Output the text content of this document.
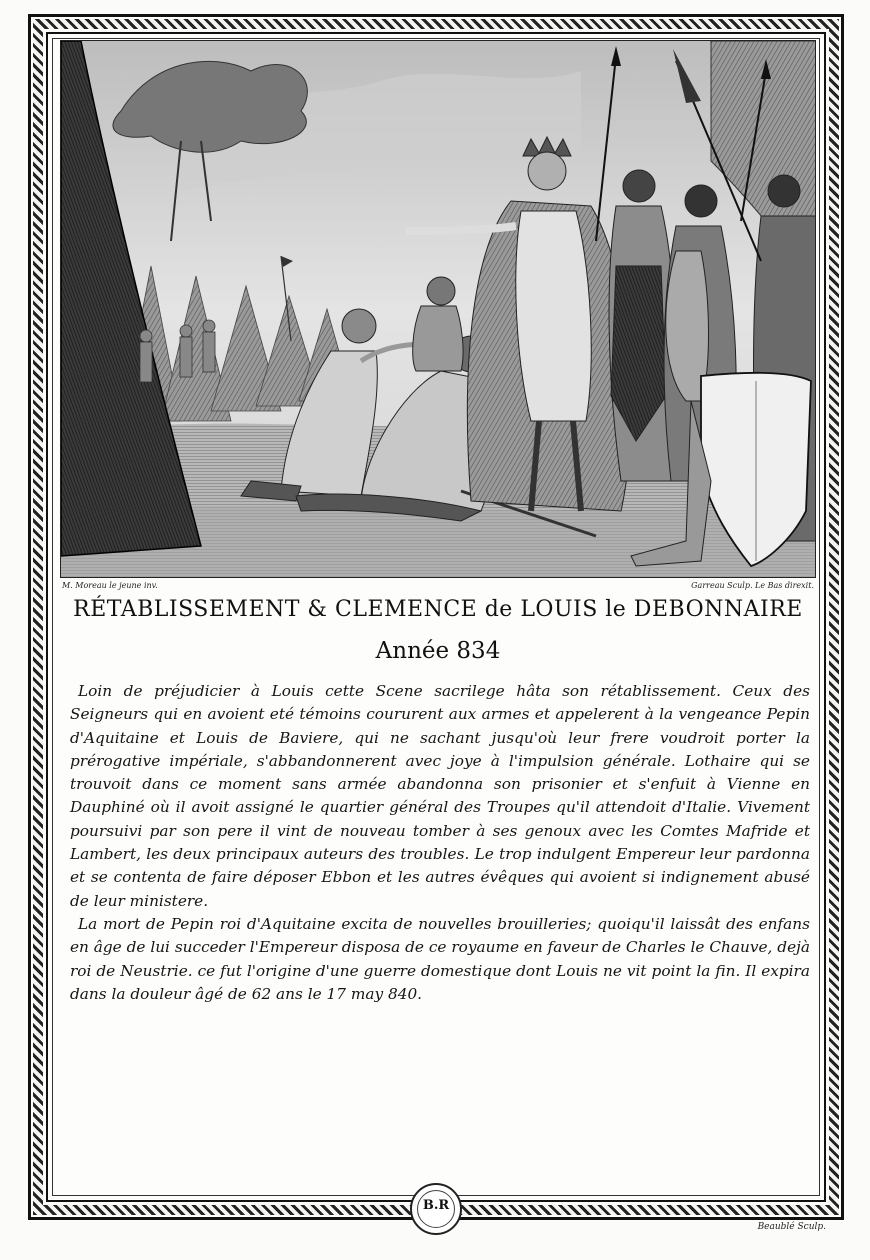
M. Moreau le jeune inv.	Garreau Sculp. Le Bas direxit.
RÉTABLISSEMENT & CLEMENCE de LOUIS le DEBONNAIRE
Année 834

Loin de préjudicier à Louis cette Scene sacrilege hâta son rétablissement. Ceux des Seigneurs qui en avoient eté témoins coururent aux armes et appelerent à la vengeance Pepin d'Aquitaine et Louis de Baviere, qui ne sachant jusqu'où leur frere voudroit porter la prérogative impériale, s'abbandonnerent avec joye à l'impulsion générale. Lothaire qui se trouvoit dans ce moment sans armée abandonna son prisonier et s'enfuit à Vienne en Dauphiné où il avoit assigné le quartier général des Troupes qu'il attendoit d'Italie. Vivement poursuivi par son pere il vint de nouveau tomber à ses genoux avec les Comtes Mafride et Lambert, les deux principaux auteurs des troubles. Le trop indulgent Empereur leur pardonna et se contenta de faire déposer Ebbon et les autres évêques qui avoient si indignement abusé de leur ministere.

La mort de Pepin roi d'Aquitaine excita de nouvelles brouilleries; quoiqu'il laissât des enfans en âge de lui succeder l'Empereur disposa de ce royaume en faveur de Charles le Chauve, dejà roi de Neustrie. ce fut l'origine d'une guerre domestique dont Louis ne vit point la fin. Il expira dans la douleur âgé de 62 ans le 17 may 840.

B.R
Beaublé Sculp.
